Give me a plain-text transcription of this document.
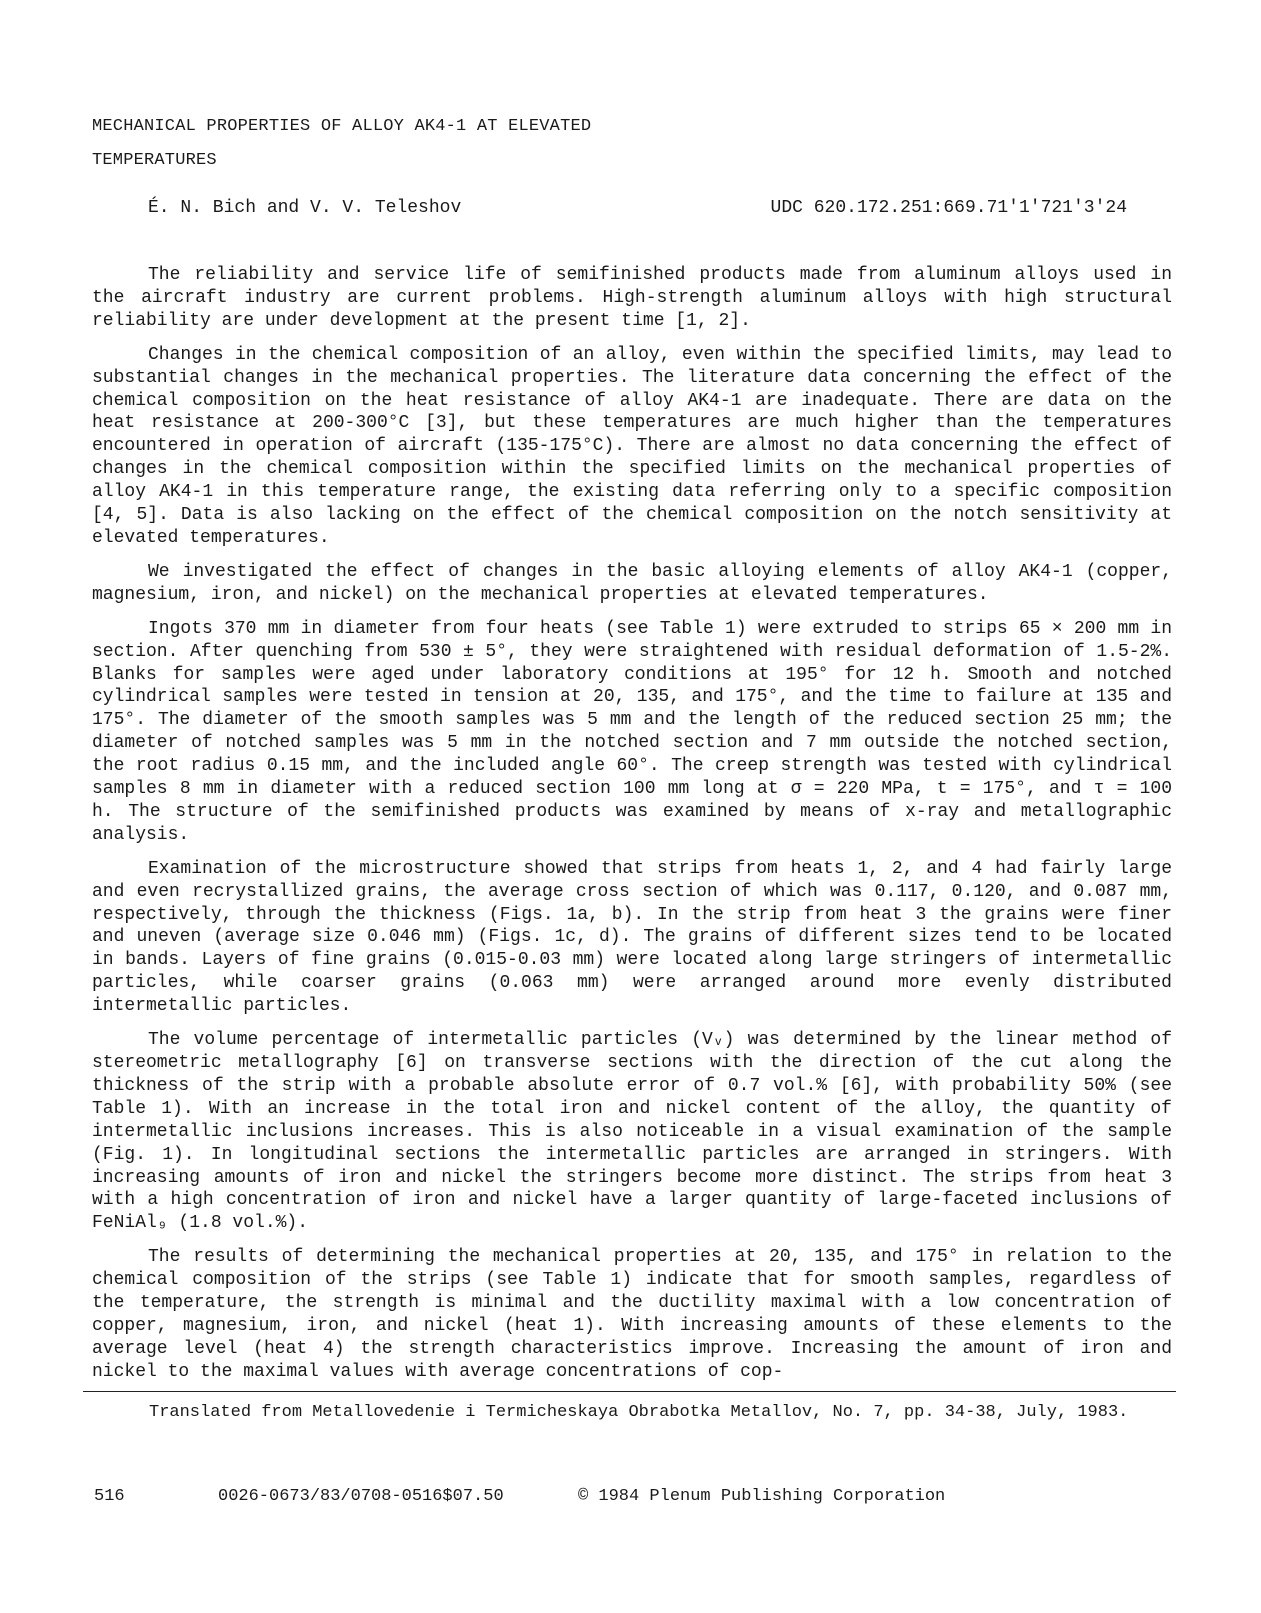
MECHANICAL PROPERTIES OF ALLOY AK4-1 AT ELEVATED
TEMPERATURES
É. N. Bich and V. V. Teleshov	UDC 620.172.251:669.71'1'721'3'24

The reliability and service life of semifinished products made from aluminum alloys used in the aircraft industry are current problems. High-strength aluminum alloys with high structural reliability are under development at the present time [1, 2].

Changes in the chemical composition of an alloy, even within the specified limits, may lead to substantial changes in the mechanical properties. The literature data concerning the effect of the chemical composition on the heat resistance of alloy AK4-1 are inadequate. There are data on the heat resistance at 200-300°C [3], but these temperatures are much higher than the temperatures encountered in operation of aircraft (135-175°C). There are almost no data concerning the effect of changes in the chemical composition within the specified limits on the mechanical properties of alloy AK4-1 in this temperature range, the existing data referring only to a specific composition [4, 5]. Data is also lacking on the effect of the chemical composition on the notch sensitivity at elevated temperatures.

We investigated the effect of changes in the basic alloying elements of alloy AK4-1 (copper, magnesium, iron, and nickel) on the mechanical properties at elevated temperatures.

Ingots 370 mm in diameter from four heats (see Table 1) were extruded to strips 65 × 200 mm in section. After quenching from 530 ± 5°, they were straightened with residual deformation of 1.5-2%. Blanks for samples were aged under laboratory conditions at 195° for 12 h. Smooth and notched cylindrical samples were tested in tension at 20, 135, and 175°, and the time to failure at 135 and 175°. The diameter of the smooth samples was 5 mm and the length of the reduced section 25 mm; the diameter of notched samples was 5 mm in the notched section and 7 mm outside the notched section, the root radius 0.15 mm, and the included angle 60°. The creep strength was tested with cylindrical samples 8 mm in diameter with a reduced section 100 mm long at σ = 220 MPa, t = 175°, and τ = 100 h. The structure of the semifinished products was examined by means of x-ray and metallographic analysis.

Examination of the microstructure showed that strips from heats 1, 2, and 4 had fairly large and even recrystallized grains, the average cross section of which was 0.117, 0.120, and 0.087 mm, respectively, through the thickness (Figs. 1a, b). In the strip from heat 3 the grains were finer and uneven (average size 0.046 mm) (Figs. 1c, d). The grains of different sizes tend to be located in bands. Layers of fine grains (0.015-0.03 mm) were located along large stringers of intermetallic particles, while coarser grains (0.063 mm) were arranged around more evenly distributed intermetallic particles.

The volume percentage of intermetallic particles (Vᵥ) was determined by the linear method of stereometric metallography [6] on transverse sections with the direction of the cut along the thickness of the strip with a probable absolute error of 0.7 vol.% [6], with probability 50% (see Table 1). With an increase in the total iron and nickel content of the alloy, the quantity of intermetallic inclusions increases. This is also noticeable in a visual examination of the sample (Fig. 1). In longitudinal sections the intermetallic particles are arranged in stringers. With increasing amounts of iron and nickel the stringers become more distinct. The strips from heat 3 with a high concentration of iron and nickel have a larger quantity of large-faceted inclusions of FeNiAl₉ (1.8 vol.%).

The results of determining the mechanical properties at 20, 135, and 175° in relation to the chemical composition of the strips (see Table 1) indicate that for smooth samples, regardless of the temperature, the strength is minimal and the ductility maximal with a low concentration of copper, magnesium, iron, and nickel (heat 1). With increasing amounts of these elements to the average level (heat 4) the strength characteristics improve. Increasing the amount of iron and nickel to the maximal values with average concentrations of cop-

Translated from Metallovedenie i Termicheskaya Obrabotka Metallov, No. 7, pp. 34-38, July, 1983.
516	0026-0673/83/0708-0516$07.50	© 1984 Plenum Publishing Corporation
